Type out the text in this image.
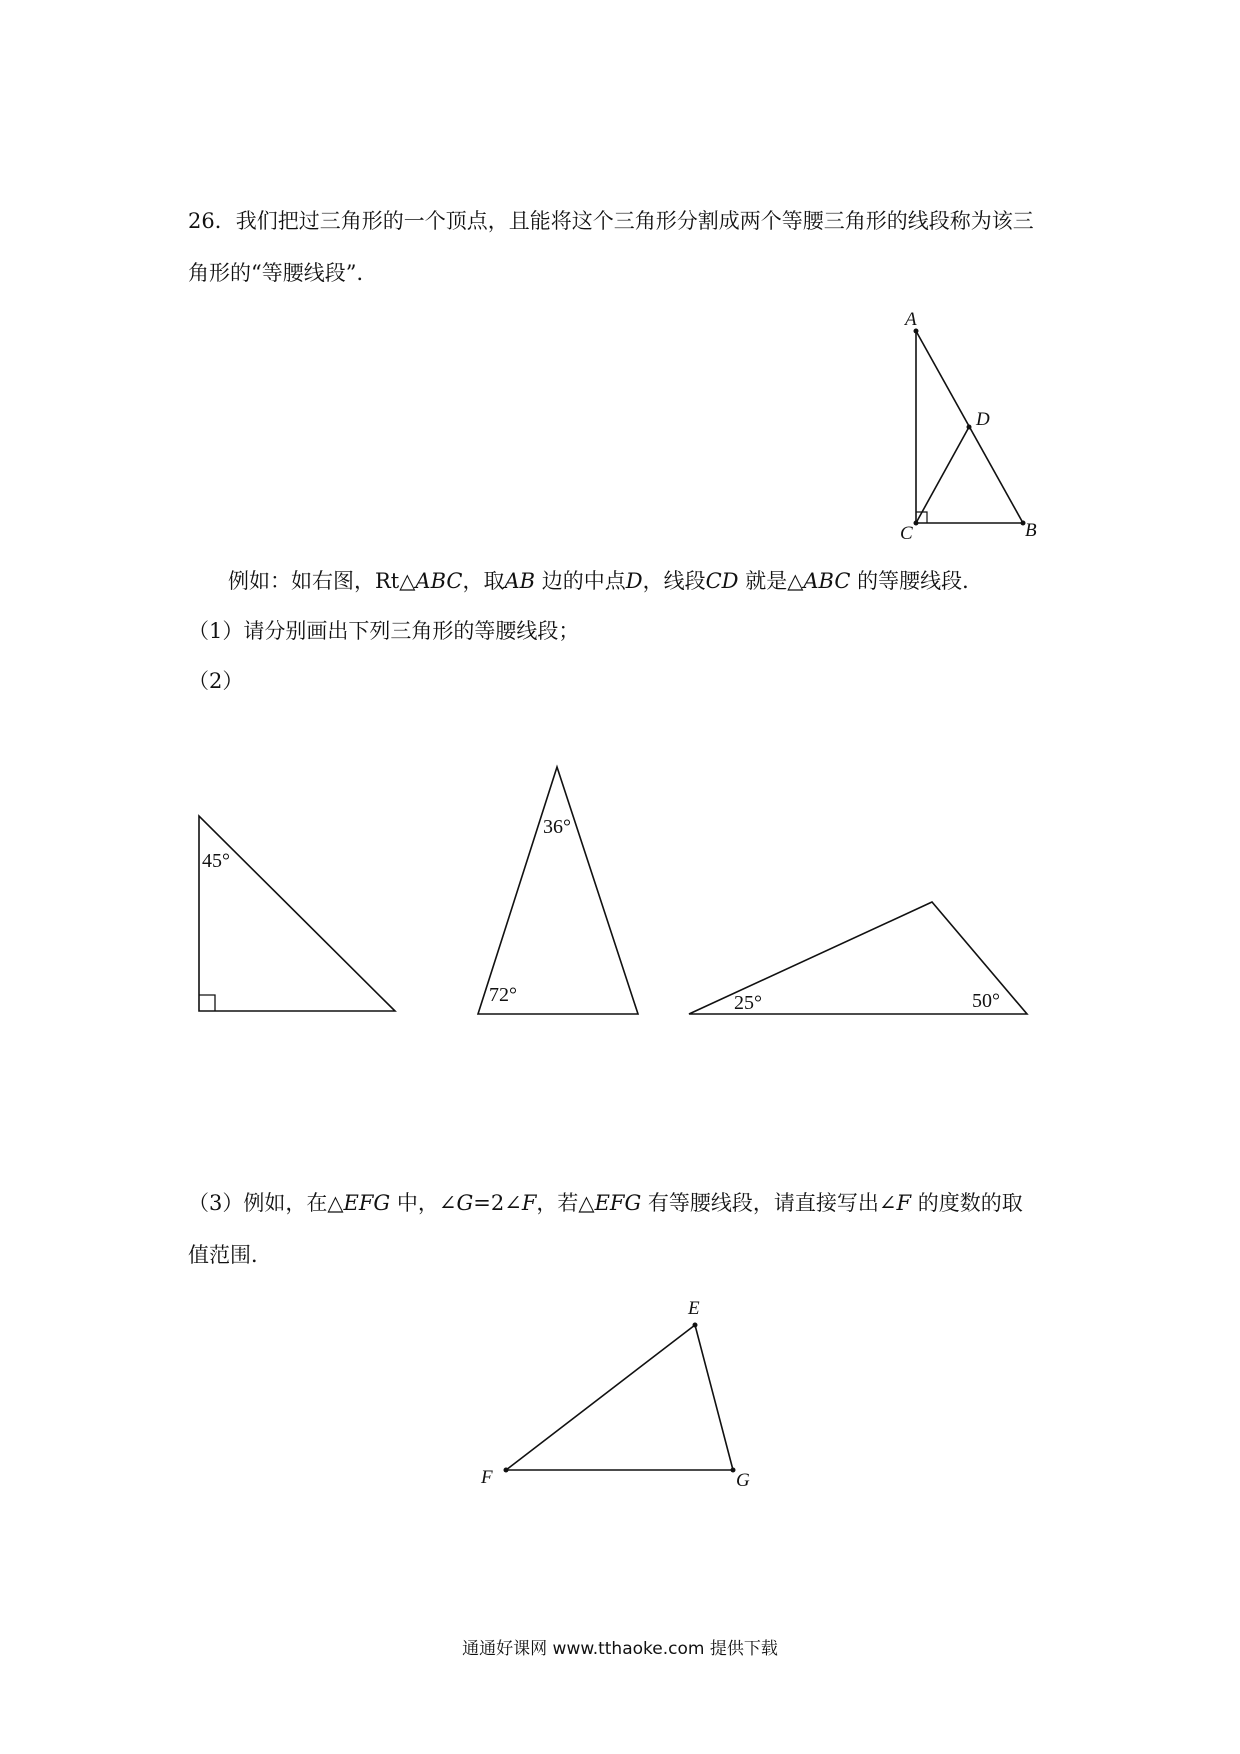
26．我们把过三角形的一个顶点，且能将这个三角形分割成两个等腰三角形的线段称为该三
角形的“等腰线段”．
例如：如右图，Rt△ABC，取AB 边的中点D，线段CD 就是△ABC 的等腰线段．
（1）请分别画出下列三角形的等腰线段；
（2）
（3）例如，在△EFG 中，∠G=2∠F，若△EFG 有等腰线段，请直接写出∠F 的度数的取
值范围．
A
D
C	B
45°
36°
72°	25°	50°
E
F	G
通通好课网 www.tthaoke.com 提供下载
